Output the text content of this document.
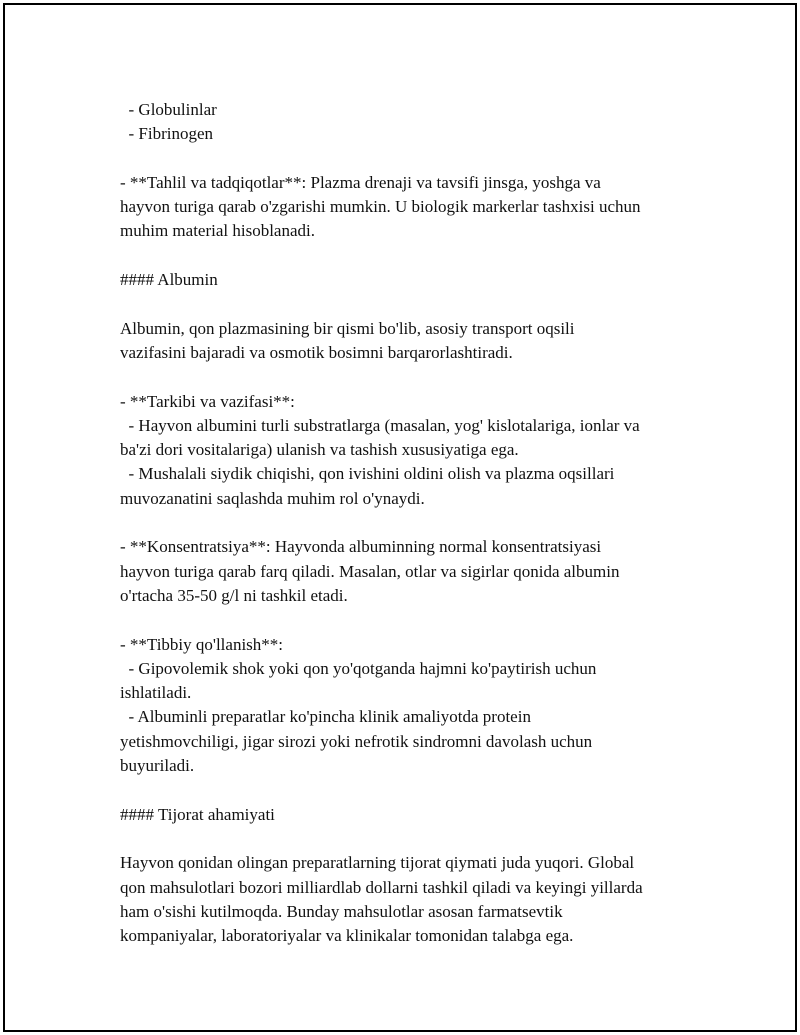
- Globulinlar
- Fibrinogen
- **Tahlil va tadqiqotlar**: Plazma drenaji va tavsifi jinsga, yoshga va
hayvon turiga qarab o'zgarishi mumkin. U biologik markerlar tashxisi uchun
muhim material hisoblanadi.
#### Albumin
Albumin, qon plazmasining bir qismi bo'lib, asosiy transport oqsili
vazifasini bajaradi va osmotik bosimni barqarorlashtiradi.
- **Tarkibi va vazifasi**:
- Hayvon albumini turli substratlarga (masalan, yog' kislotalariga, ionlar va
ba'zi dori vositalariga) ulanish va tashish xususiyatiga ega.
- Mushalali siydik chiqishi, qon ivishini oldini olish va plazma oqsillari
muvozanatini saqlashda muhim rol o'ynaydi.
- **Konsentratsiya**: Hayvonda albuminning normal konsentratsiyasi
hayvon turiga qarab farq qiladi. Masalan, otlar va sigirlar qonida albumin
o'rtacha 35-50 g/l ni tashkil etadi.
- **Tibbiy qo'llanish**:
- Gipovolemik shok yoki qon yo'qotganda hajmni ko'paytirish uchun
ishlatiladi.
- Albuminli preparatlar ko'pincha klinik amaliyotda protein
yetishmovchiligi, jigar sirozi yoki nefrotik sindromni davolash uchun
buyuriladi.
#### Tijorat ahamiyati
Hayvon qonidan olingan preparatlarning tijorat qiymati juda yuqori. Global
qon mahsulotlari bozori milliardlab dollarni tashkil qiladi va keyingi yillarda
ham o'sishi kutilmoqda. Bunday mahsulotlar asosan farmatsevtik
kompaniyalar, laboratoriyalar va klinikalar tomonidan talabga ega.
